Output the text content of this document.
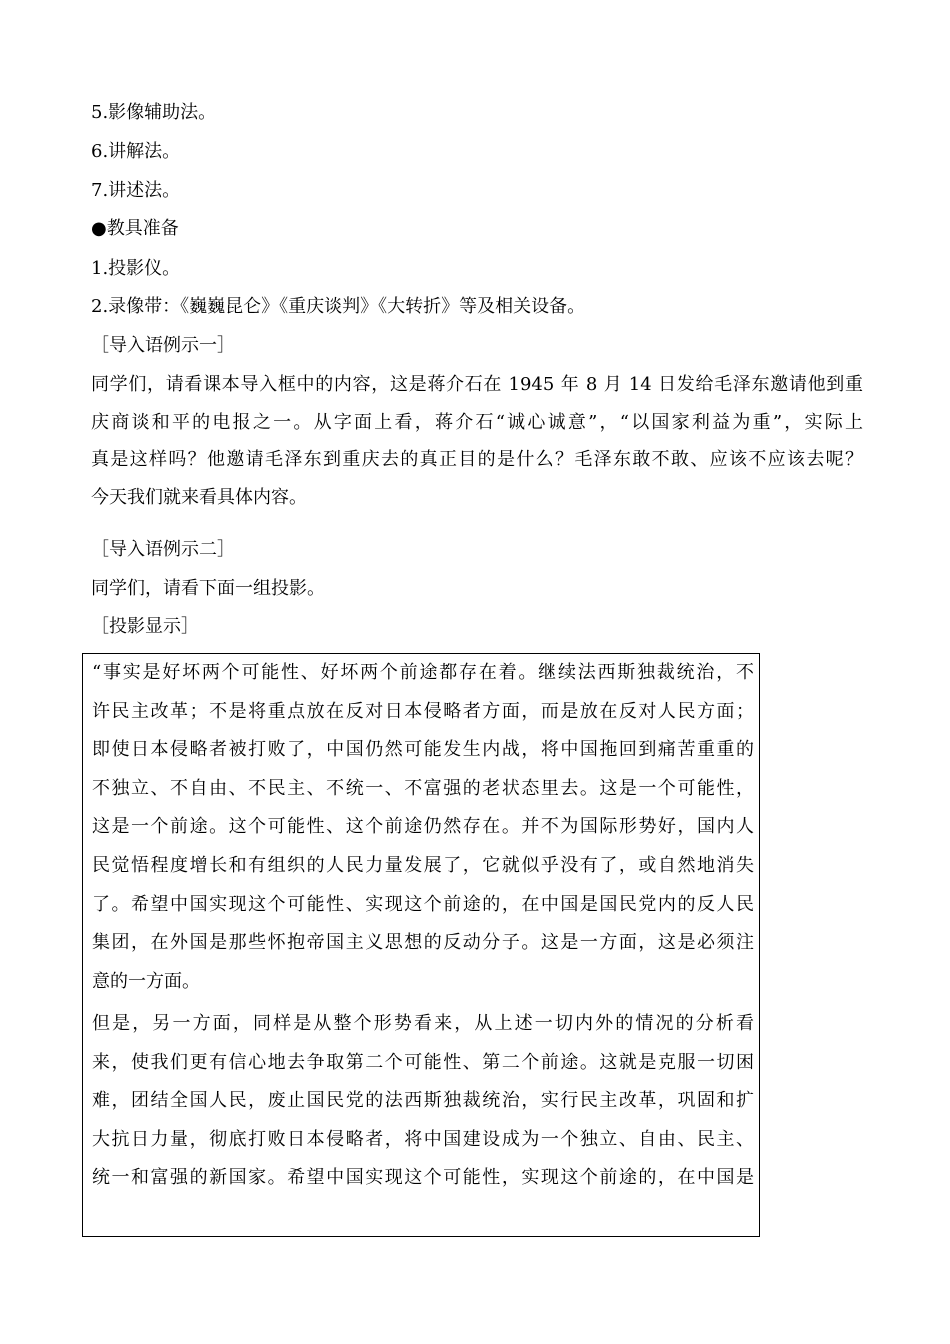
5.影像辅助法。
6.讲解法。
7.讲述法。
●教具准备
1.投影仪。
2.录像带：《巍巍昆仑》《重庆谈判》《大转折》等及相关设备。
［导入语例示一］
同学们，请看课本导入框中的内容，这是蒋介石在 1945 年 8 月 14 日发给毛泽东邀请他到重
庆商谈和平的电报之一。从字面上看，蒋介石“诚心诚意”，“以国家利益为重”，实际上
真是这样吗？他邀请毛泽东到重庆去的真正目的是什么？毛泽东敢不敢、应该不应该去呢？
今天我们就来看具体内容。
［导入语例示二］
同学们，请看下面一组投影。
［投影显示］
“事实是好坏两个可能性、好坏两个前途都存在着。继续法西斯独裁统治，不
许民主改革；不是将重点放在反对日本侵略者方面，而是放在反对人民方面；
即使日本侵略者被打败了，中国仍然可能发生内战，将中国拖回到痛苦重重的
不独立、不自由、不民主、不统一、不富强的老状态里去。这是一个可能性，
这是一个前途。这个可能性、这个前途仍然存在。并不为国际形势好，国内人
民觉悟程度增长和有组织的人民力量发展了，它就似乎没有了，或自然地消失
了。希望中国实现这个可能性、实现这个前途的，在中国是国民党内的反人民
集团，在外国是那些怀抱帝国主义思想的反动分子。这是一方面，这是必须注
意的一方面。
但是，另一方面，同样是从整个形势看来，从上述一切内外的情况的分析看
来，使我们更有信心地去争取第二个可能性、第二个前途。这就是克服一切困
难，团结全国人民，废止国民党的法西斯独裁统治，实行民主改革，巩固和扩
大抗日力量，彻底打败日本侵略者，将中国建设成为一个独立、自由、民主、
统一和富强的新国家。希望中国实现这个可能性，实现这个前途的，在中国是
